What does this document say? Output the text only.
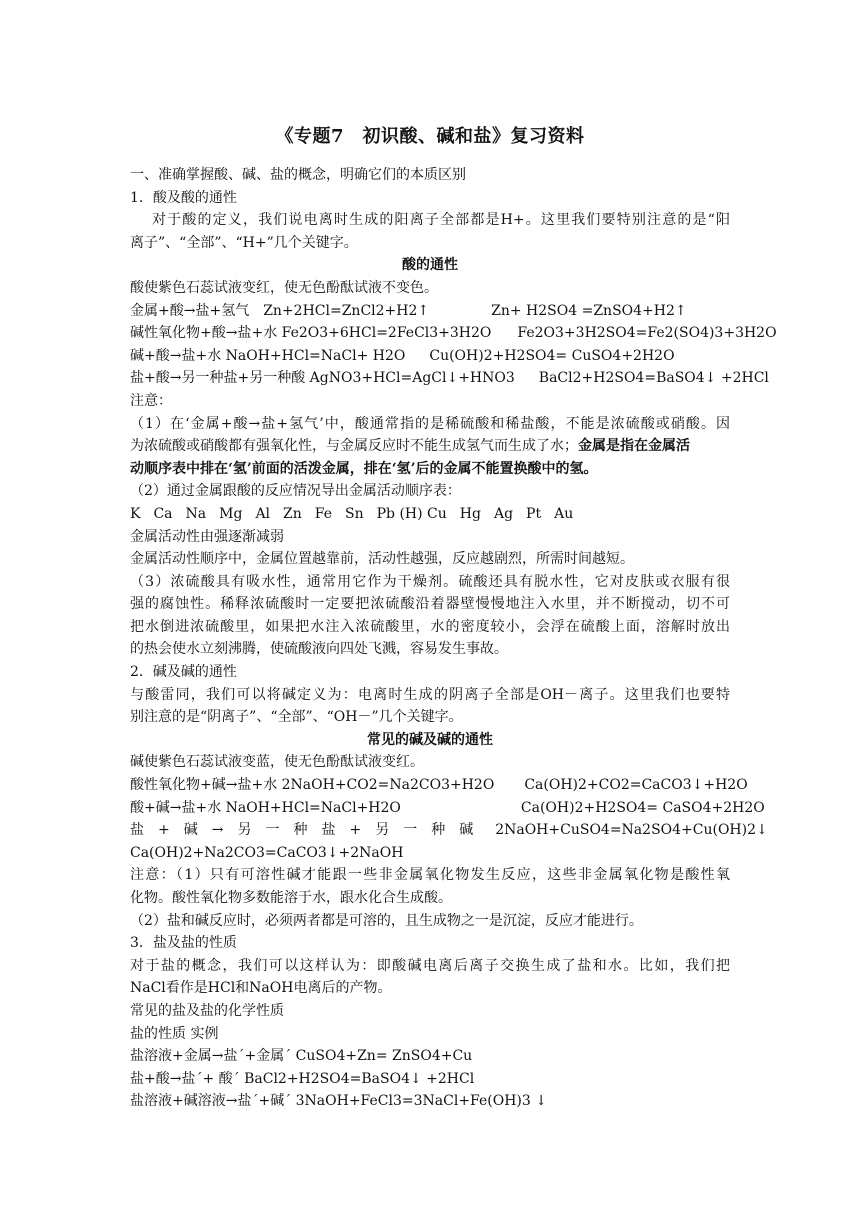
《专题7　初识酸、碱和盐》复习资料
一、准确掌握酸、碱、盐的概念，明确它们的本质区别
1．酸及酸的通性
对于酸的定义，我们说电离时生成的阳离子全部都是H+。这里我们要特别注意的是“阳
离子”、“全部”、“H+”几个关键字。
酸的通性
酸使紫色石蕊试液变红，使无色酚酞试液不变色。
金属+酸→盐+氢气　Zn+2HCl=ZnCl2+H2↑	Zn+ H2SO4 =ZnSO4+H2↑
碱性氧化物+酸→盐+水 Fe2O3+6HCl=2FeCl3+3H2O Fe2O3+3H2SO4=Fe2(SO4)3+3H2O
碱+酸→盐+水 NaOH+HCl=NaCl+ H2O Cu(OH)2+H2SO4= CuSO4+2H2O
盐+酸→另一种盐+另一种酸 AgNO3+HCl=AgCl↓+HNO3 BaCl2+H2SO4=BaSO4↓ +2HCl
注意：
（1）在‘金属+酸→盐+氢气’中，酸通常指的是稀硫酸和稀盐酸，不能是浓硫酸或硝酸。因
为浓硫酸或硝酸都有强氧化性，与金属反应时不能生成氢气而生成了水；金属是指在金属活
动顺序表中排在‘氢’前面的活泼金属，排在‘氢’后的金属不能置换酸中的氢。
（2）通过金属跟酸的反应情况导出金属活动顺序表：
K Ca Na Mg Al Zn Fe Sn Pb (H) Cu Hg Ag Pt Au
金属活动性由强逐渐减弱
金属活动性顺序中，金属位置越靠前，活动性越强，反应越剧烈，所需时间越短。
（3）浓硫酸具有吸水性，通常用它作为干燥剂。硫酸还具有脱水性，它对皮肤或衣服有很
强的腐蚀性。稀释浓硫酸时一定要把浓硫酸沿着器壁慢慢地注入水里，并不断搅动，切不可
把水倒进浓硫酸里，如果把水注入浓硫酸里，水的密度较小，会浮在硫酸上面，溶解时放出
的热会使水立刻沸腾，使硫酸液向四处飞溅，容易发生事故。
2．碱及碱的通性
与酸雷同，我们可以将碱定义为：电离时生成的阴离子全部是OH－离子。这里我们也要特
别注意的是“阴离子”、“全部”、“OH－”几个关键字。
常见的碱及碱的通性
碱使紫色石蕊试液变蓝，使无色酚酞试液变红。
酸性氧化物+碱→盐+水 2NaOH+CO2=Na2CO3+H2O Ca(OH)2+CO2=CaCO3↓+H2O
酸+碱→盐+水 NaOH+HCl=NaCl+H2O	Ca(OH)2+H2SO4= CaSO4+2H2O
盐　+　碱　→　另　一　种　盐　+　另　一　种　碱 2NaOH+CuSO4=Na2SO4+Cu(OH)2↓
Ca(OH)2+Na2CO3=CaCO3↓+2NaOH
注意：（1）只有可溶性碱才能跟一些非金属氧化物发生反应，这些非金属氧化物是酸性氧
化物。酸性氧化物多数能溶于水，跟水化合生成酸。
（2）盐和碱反应时，必须两者都是可溶的，且生成物之一是沉淀，反应才能进行。
3．盐及盐的性质
对于盐的概念，我们可以这样认为：即酸碱电离后离子交换生成了盐和水。比如，我们把
NaCl看作是HCl和NaOH电离后的产物。
常见的盐及盐的化学性质
盐的性质 实例
盐溶液+金属→盐´+金属´ CuSO4+Zn= ZnSO4+Cu
盐+酸→盐´+ 酸´ BaCl2+H2SO4=BaSO4↓ +2HCl
盐溶液+碱溶液→盐´+碱´ 3NaOH+FeCl3=3NaCl+Fe(OH)3 ↓
